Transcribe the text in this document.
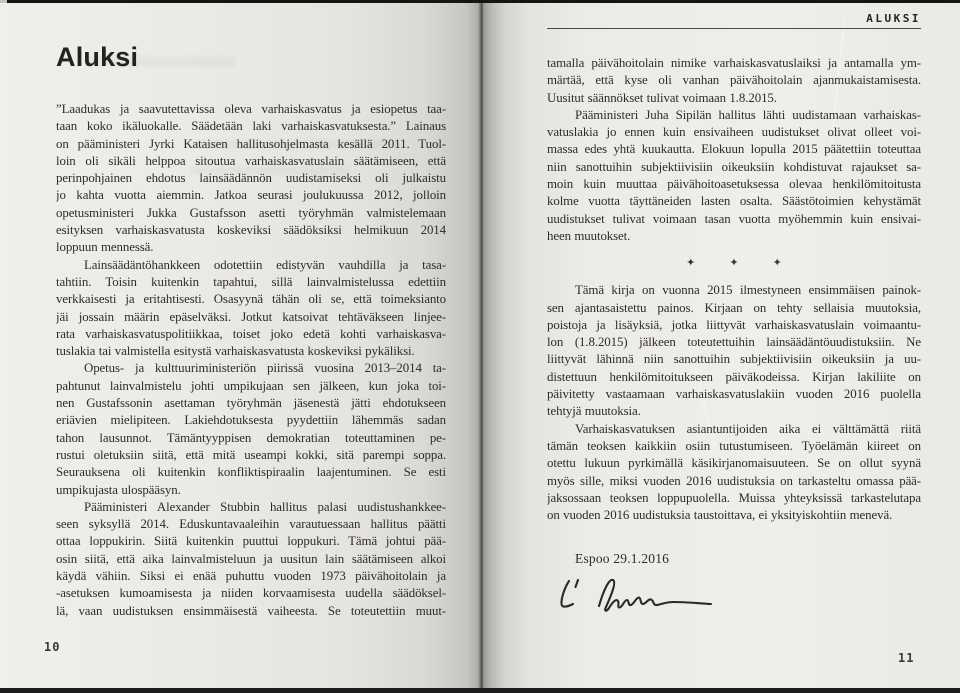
Aluksi
”Laadukas ja saavutettavissa oleva varhaiskasvatus ja esiopetus taa-
taan koko ikäluokalle. Säädetään laki varhaiskasvatuksesta.” Lainaus
on pääministeri Jyrki Kataisen hallitusohjelmasta kesällä 2011. Tuol-
loin oli sikäli helppoa sitoutua varhaiskasvatuslain säätämiseen, että
perinpohjainen ehdotus lainsäädännön uudistamiseksi oli julkaistu
jo kahta vuotta aiemmin. Jatkoa seurasi joulukuussa 2012, jolloin
opetusministeri Jukka Gustafsson asetti työryhmän valmistelemaan
esityksen varhaiskasvatusta koskeviksi säädöksiksi helmikuun 2014
loppuun mennessä.
Lainsäädäntöhankkeen odotettiin edistyvän vauhdilla ja tasa-
tahtiin. Toisin kuitenkin tapahtui, sillä lainvalmistelussa edettiin
verkkaisesti ja eritahtisesti. Osasyynä tähän oli se, että toimeksianto
jäi jossain määrin epäselväksi. Jotkut katsoivat tehtäväkseen linjee-
rata varhaiskasvatuspolitiikkaa, toiset joko edetä kohti varhaiskasva-
tuslakia tai valmistella esitystä varhaiskasvatusta koskeviksi pykäliksi.
Opetus- ja kulttuuriministeriön piirissä vuosina 2013–2014 ta-
pahtunut lainvalmistelu johti umpikujaan sen jälkeen, kun joka toi-
nen Gustafssonin asettaman työryhmän jäsenestä jätti ehdotukseen
eriävien mielipiteen. Lakiehdotuksesta pyydettiin lähemmäs sadan
tahon lausunnot. Tämäntyyppisen demokratian toteuttaminen pe-
rustui oletuksiin siitä, että mitä useampi kokki, sitä parempi soppa.
Seurauksena oli kuitenkin konfliktispiraalin laajentuminen. Se esti
umpikujasta ulospääsyn.
Pääministeri Alexander Stubbin hallitus palasi uudistushankkee-
seen syksyllä 2014. Eduskuntavaaleihin varautuessaan hallitus päätti
ottaa loppukirin. Siitä kuitenkin puuttui loppukuri. Tämä johtui pää-
osin siitä, että aika lainvalmisteluun ja uusitun lain säätämiseen alkoi
käydä vähiin. Siksi ei enää puhuttu vuoden 1973 päivähoitolain ja
-asetuksen kumoamisesta ja niiden korvaamisesta uudella säädöksel-
lä, vaan uudistuksen ensimmäisestä vaiheesta. Se toteutettiin muut-
10
ALUKSI
tamalla päivähoitolain nimike varhaiskasvatuslaiksi ja antamalla ym-
märtää, että kyse oli vanhan päivähoitolain ajanmukaistamisesta.
Uusitut säännökset tulivat voimaan 1.8.2015.
Pääministeri Juha Sipilän hallitus lähti uudistamaan varhaiskas-
vatuslakia jo ennen kuin ensivaiheen uudistukset olivat olleet voi-
massa edes yhtä kuukautta. Elokuun lopulla 2015 päätettiin toteuttaa
niin sanottuihin subjektiivisiin oikeuksiin kohdistuvat rajaukset sa-
moin kuin muuttaa päivähoitoasetuksessa olevaa henkilömitoitusta
kolme vuotta täyttäneiden lasten osalta. Säästötoimien kehystämät
uudistukset tulivat voimaan tasan vuotta myöhemmin kuin ensivai-
heen muutokset.
✦✦✦
Tämä kirja on vuonna 2015 ilmestyneen ensimmäisen painok-
sen ajantasaistettu painos. Kirjaan on tehty sellaisia muutoksia,
poistoja ja lisäyksiä, jotka liittyvät varhaiskasvatuslain voimaantu-
lon (1.8.2015) jälkeen toteutettuihin lainsäädäntöuudistuksiin. Ne
liittyvät lähinnä niin sanottuihin subjektiivisiin oikeuksiin ja uu-
distettuun henkilömitoitukseen päiväkodeissa. Kirjan lakiliite on
päivitetty vastaamaan varhaiskasvatuslakiin vuoden 2016 puolella
tehtyjä muutoksia.
Varhaiskasvatuksen asiantuntijoiden aika ei välttämättä riitä
tämän teoksen kaikkiin osiin tutustumiseen. Työelämän kiireet on
otettu lukuun pyrkimällä käsikirjanomaisuuteen. Se on ollut syynä
myös sille, miksi vuoden 2016 uudistuksia on tarkasteltu omassa pää-
jaksossaan teoksen loppupuolella. Muissa yhteyksissä tarkastelutapa
on vuoden 2016 uudistuksia taustoittava, ei yksityiskohtiin menevä.
Espoo 29.1.2016
11
